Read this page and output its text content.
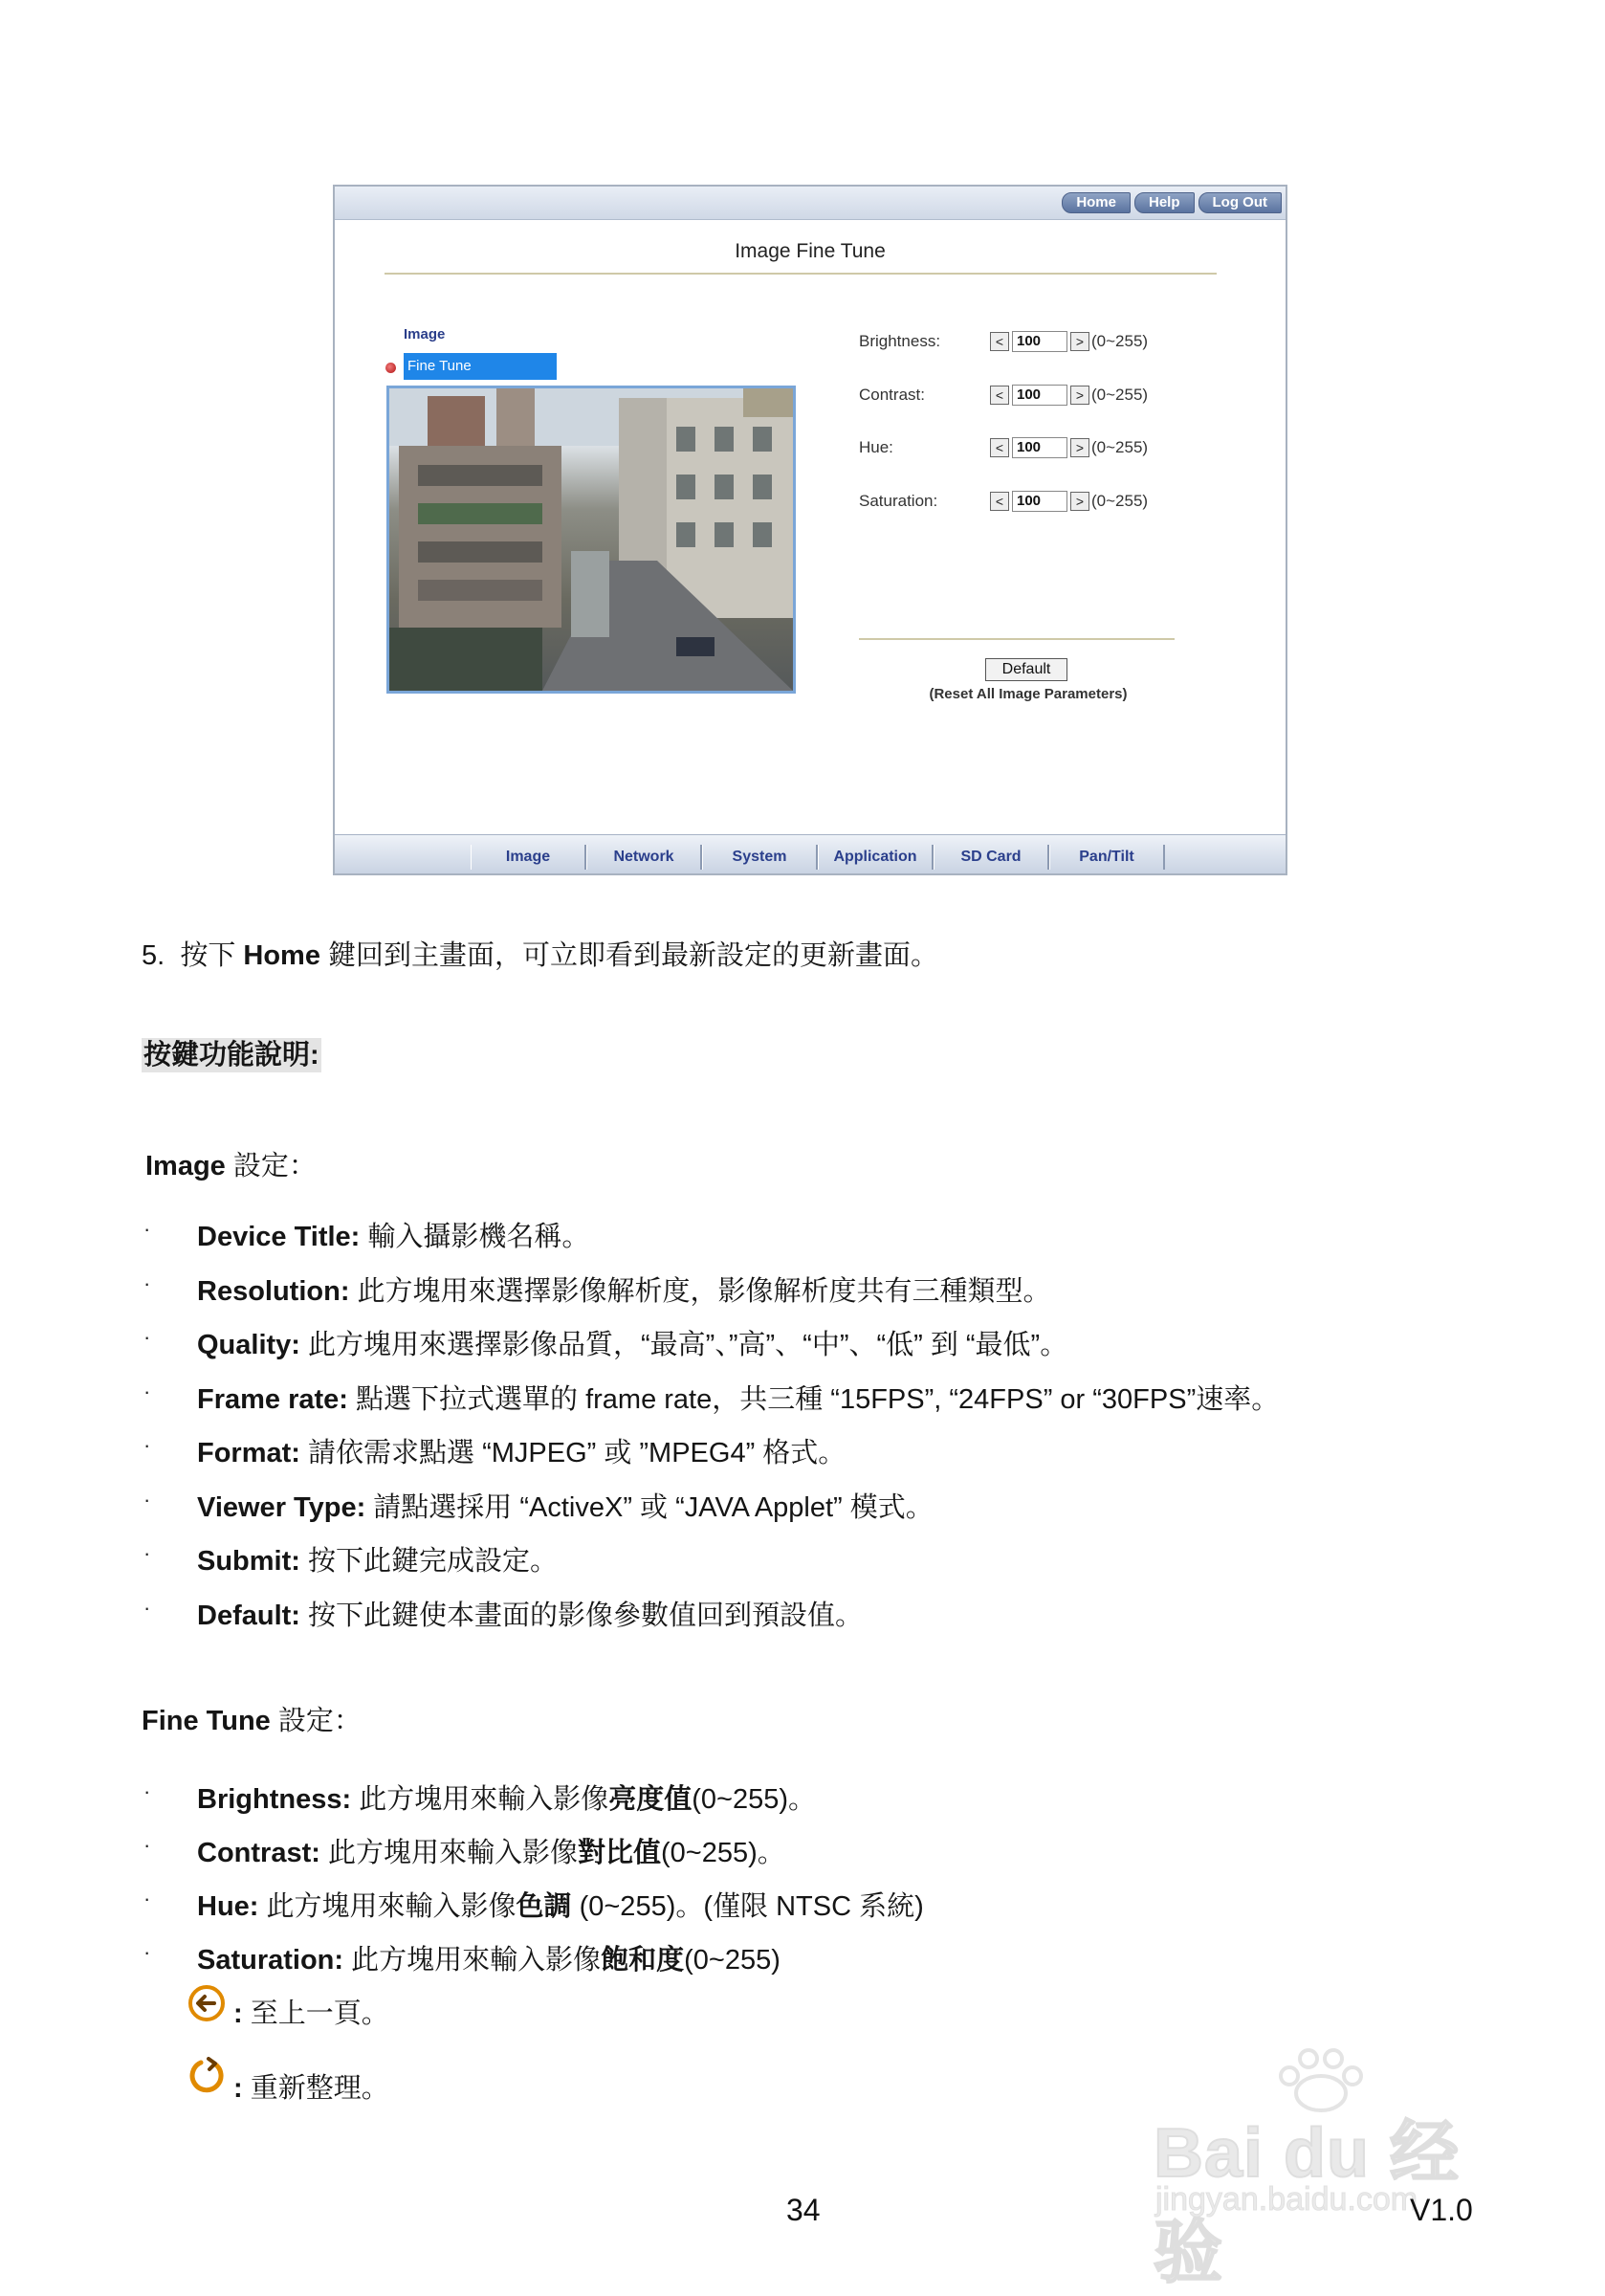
Home	Help	Log Out
Image Fine Tune
Image
Fine Tune
Brightness:	< 100	> (0~255)
Contrast:	< 100	> (0~255)
Hue:	< 100	> (0~255)
Saturation:	< 100	> (0~255)
Default
(Reset All Image Parameters)
Image	Network	System	Application	SD Card	Pan/Tilt
5. 按下 Home 鍵回到主畫面，可立即看到最新設定的更新畫面。
按鍵功能說明:
Image 設定：
· Device Title: 輸入攝影機名稱。
· Resolution: 此方塊用來選擇影像解析度，影像解析度共有三種類型。
· Quality: 此方塊用來選擇影像品質，“最高”、”高”、“中”、“低” 到 “最低”。
· Frame rate: 點選下拉式選單的 frame rate，共三種 “15FPS”, “24FPS” or “30FPS”速率。
· Format: 請依需求點選 “MJPEG” 或 ”MPEG4” 格式。
· Viewer Type: 請點選採用 “ActiveX” 或 “JAVA Applet” 模式。
· Submit: 按下此鍵完成設定。
· Default: 按下此鍵使本畫面的影像參數值回到預設值。
Fine Tune 設定：
· Brightness: 此方塊用來輸入影像亮度值(0~255)。
· Contrast: 此方塊用來輸入影像對比值(0~255)。
· Hue: 此方塊用來輸入影像色調 (0~255)。(僅限 NTSC 系統)
· Saturation: 此方塊用來輸入影像飽和度(0~255)
: 至上一頁。
: 重新整理。
Bai du 经验
jingyan.baidu.com
34	V1.0
